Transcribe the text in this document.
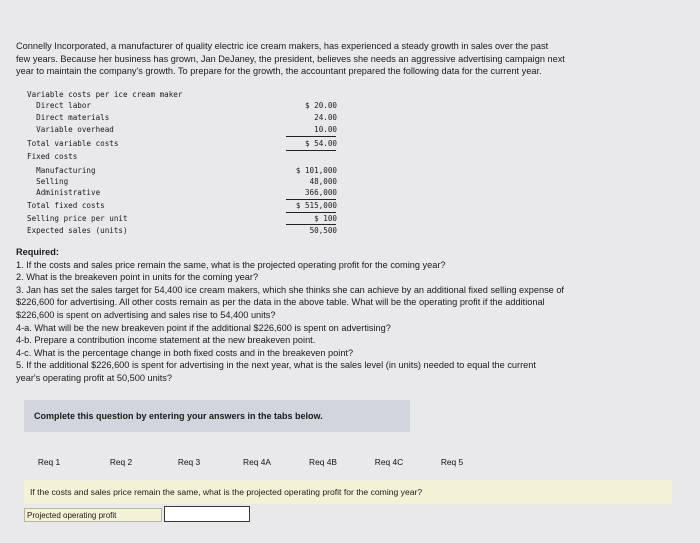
Connelly Incorporated, a manufacturer of quality electric ice cream makers, has experienced a steady growth in sales over the past
few years. Because her business has grown, Jan DeJaney, the president, believes she needs an aggressive advertising campaign next
year to maintain the company's growth. To prepare for the growth, the accountant prepared the following data for the current year.
Variable costs per ice cream maker
Direct labor	$ 20.00
Direct materials	24.00
Variable overhead	10.00
Total variable costs	$ 54.00
Fixed costs
Manufacturing	$ 101,000
Selling	48,000
Administrative	366,000
Total fixed costs	$ 515,000
Selling price per unit	$ 100
Expected sales (units)	50,500
Required:
1. If the costs and sales price remain the same, what is the projected operating profit for the coming year?
2. What is the breakeven point in units for the coming year?
3. Jan has set the sales target for 54,400 ice cream makers, which she thinks she can achieve by an additional fixed selling expense of
$226,600 for advertising. All other costs remain as per the data in the above table. What will be the operating profit if the additional
$226,600 is spent on advertising and sales rise to 54,400 units?
4-a. What will be the new breakeven point if the additional $226,600 is spent on advertising?
4-b. Prepare a contribution income statement at the new breakeven point.
4-c. What is the percentage change in both fixed costs and in the breakeven point?
5. If the additional $226,600 is spent for advertising in the next year, what is the sales level (in units) needed to equal the current
year's operating profit at 50,500 units?
Complete this question by entering your answers in the tabs below.
Req 1	Req 2	Req 3	Req 4A	Req 4B	Req 4C	Req 5
If the costs and sales price remain the same, what is the projected operating profit for the coming year?
Projected operating profit
